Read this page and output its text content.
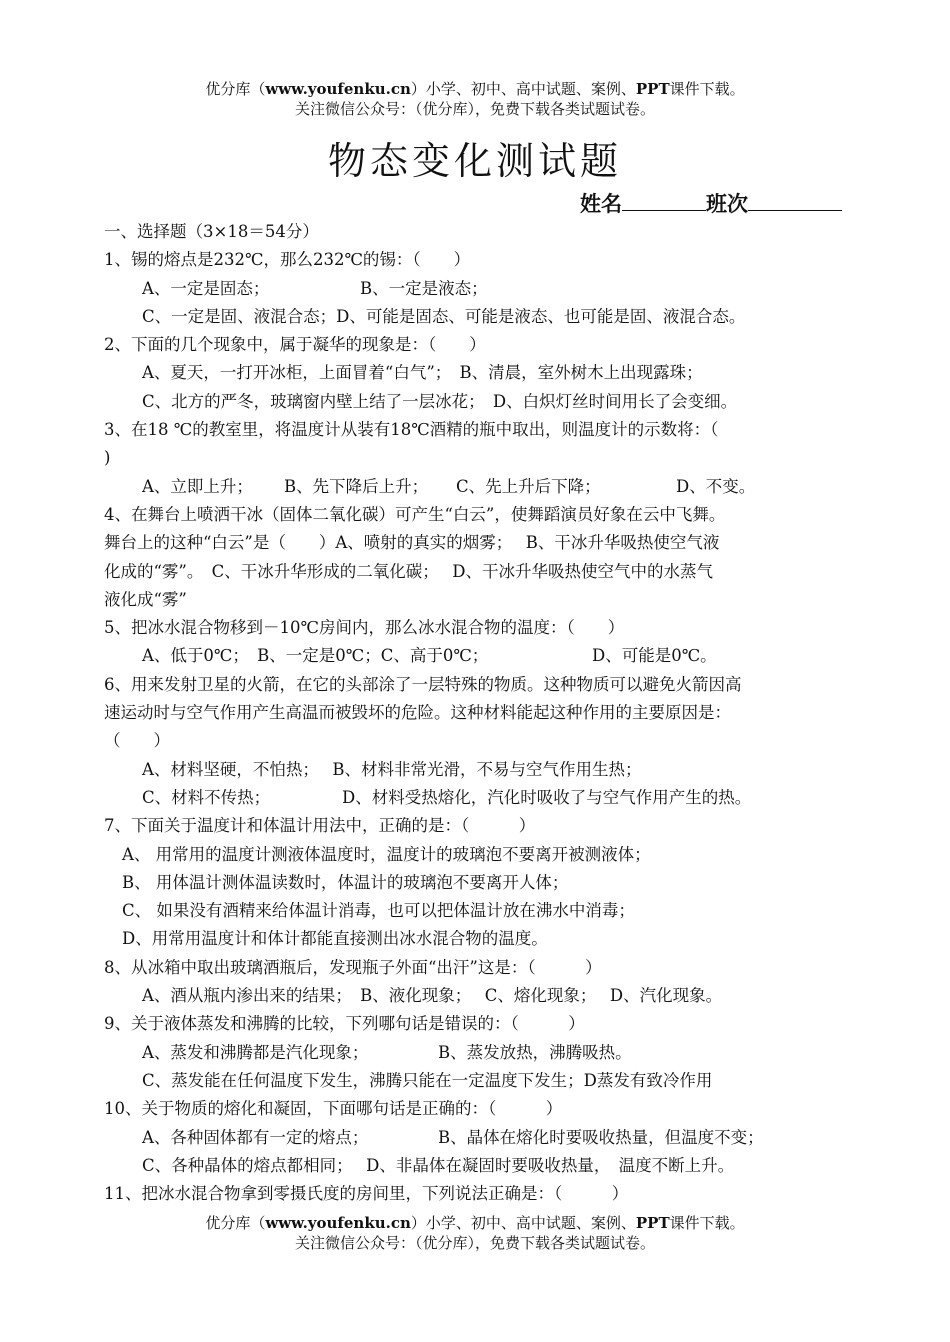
优分库（www.youfenku.cn）小学、初中、高中试题、案例、PPT课件下载。
关注微信公众号：（优分库），免费下载各类试题试卷。
物态变化测试题
姓名	班次
一、选择题（3×18＝54分）
1、锡的熔点是232℃，那么232℃的锡：（　　）
A、一定是固态；	B、一定是液态；
C、一定是固、液混合态；D、可能是固态、可能是液态、也可能是固、液混合态。
2、下面的几个现象中，属于凝华的现象是：（　　）
A、夏天，一打开冰柜，上面冒着“白气”；　B、清晨，室外树木上出现露珠；
C、北方的严冬，玻璃窗内壁上结了一层冰花；　D、白炽灯丝时间用长了会变细。
3、在18 ℃的教室里，将温度计从装有18℃酒精的瓶中取出，则温度计的示数将：（
)
A、立即上升； B、先下降后上升； C、先上升后下降；	D、不变。
4、在舞台上喷洒干冰（固体二氧化碳）可产生“白云”，使舞蹈演员好象在云中飞舞。
舞台上的这种“白云”是（　　）A、喷射的真实的烟雾；　 B、干冰升华吸热使空气液
化成的“雾”。　C、干冰升华形成的二氧化碳；　 D、干冰升华吸热使空气中的水蒸气
液化成“雾”
5、把冰水混合物移到－10℃房间内，那么冰水混合物的温度：（　　）
A、低于0℃；　B、一定是0℃；C、高于0℃；	D、可能是0℃。
6、用来发射卫星的火箭，在它的头部涂了一层特殊的物质。这种物质可以避免火箭因高
速运动时与空气作用产生高温而被毁坏的危险。这种材料能起这种作用的主要原因是：
（　　）
A、材料坚硬，不怕热；　 B、材料非常光滑，不易与空气作用生热；
C、材料不传热；	D、材料受热熔化，汽化时吸收了与空气作用产生的热。
7、下面关于温度计和体温计用法中，正确的是：（　　　）
A、 用常用的温度计测液体温度时，温度计的玻璃泡不要离开被测液体；
B、 用体温计测体温读数时，体温计的玻璃泡不要离开人体；
C、 如果没有酒精来给体温计消毒，也可以把体温计放在沸水中消毒；
D、用常用温度计和体计都能直接测出冰水混合物的温度。
8、从冰箱中取出玻璃酒瓶后，发现瓶子外面“出汗”这是：（　　　）
A、酒从瓶内渗出来的结果；　B、液化现象；　 C、熔化现象；　 D、汽化现象。
9、关于液体蒸发和沸腾的比较，下列哪句话是错误的：（　　　）
A、蒸发和沸腾都是汽化现象；	B、蒸发放热，沸腾吸热。
C、蒸发能在任何温度下发生，沸腾只能在一定温度下发生；D蒸发有致冷作用
10、关于物质的熔化和凝固，下面哪句话是正确的：（　　　）
A、各种固体都有一定的熔点；	B、晶体在熔化时要吸收热量，但温度不变；
C、各种晶体的熔点都相同；　 D、非晶体在凝固时要吸收热量，　温度不断上升。
11、把冰水混合物拿到零摄氏度的房间里，下列说法正确是：（　　　）
优分库（www.youfenku.cn）小学、初中、高中试题、案例、PPT课件下载。
关注微信公众号：（优分库），免费下载各类试题试卷。
